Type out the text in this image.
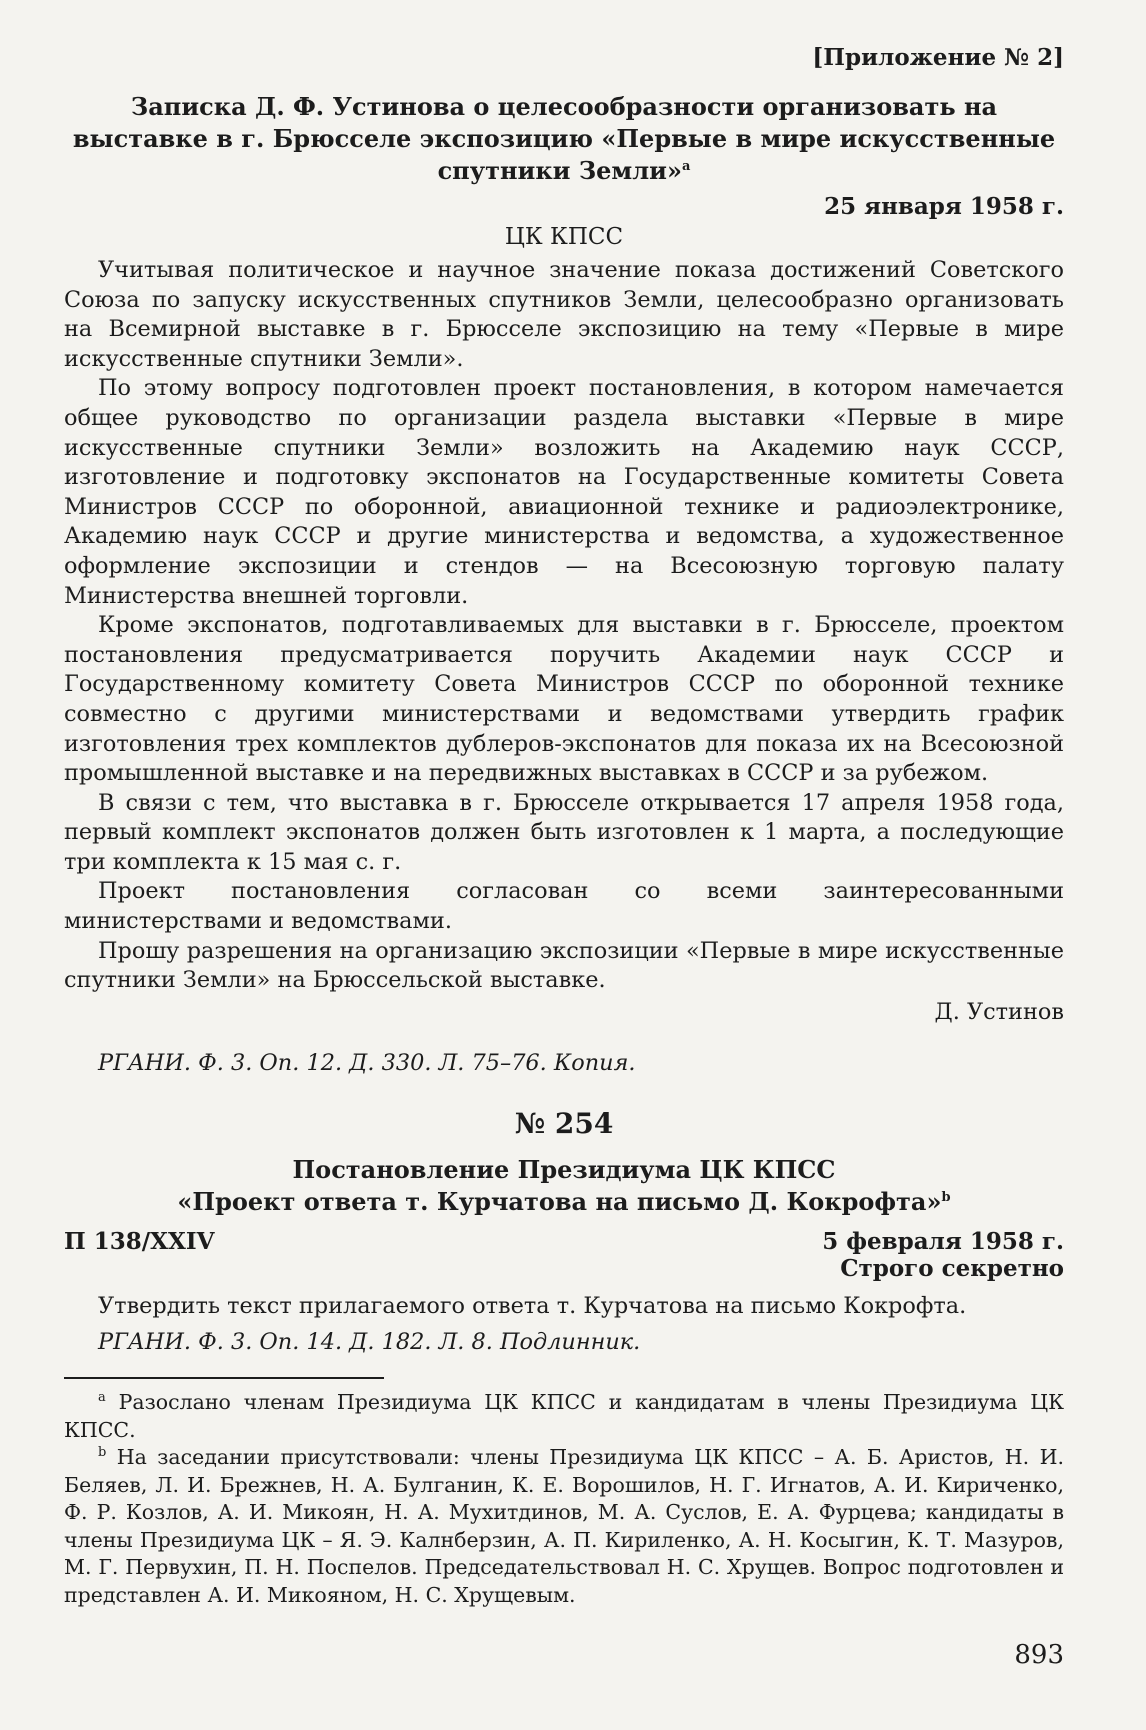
[Приложение № 2]
Записка Д. Ф. Устинова о целесообразности организовать на выставке в г. Брюсселе экспозицию «Первые в мире искусственные спутники Земли»$^a$
25 января 1958 г.
ЦК КПСС

Учитывая политическое и научное значение показа достижений Советского Союза по запуску искусственных спутников Земли, целесообразно организовать на Всемирной выставке в г. Брюсселе экспозицию на тему «Первые в мире искусственные спутники Земли».

По этому вопросу подготовлен проект постановления, в котором намечается общее руководство по организации раздела выставки «Первые в мире искусственные спутники Земли» возложить на Академию наук СССР, изготовление и подготовку экспонатов на Государственные комитеты Совета Министров СССР по оборонной, авиационной технике и радиоэлектронике, Академию наук СССР и другие министерства и ведомства, а художественное оформление экспозиции и стендов — на Всесоюзную торговую палату Министерства внешней торговли.

Кроме экспонатов, подготавливаемых для выставки в г. Брюсселе, проектом постановления предусматривается поручить Академии наук СССР и Государственному комитету Совета Министров СССР по оборонной технике совместно с другими министерствами и ведомствами утвердить график изготовления трех комплектов дублеров-экспонатов для показа их на Всесоюзной промышленной выставке и на передвижных выставках в СССР и за рубежом.

В связи с тем, что выставка в г. Брюсселе открывается 17 апреля 1958 года, первый комплект экспонатов должен быть изготовлен к 1 марта, а последующие три комплекта к 15 мая с. г.

Проект постановления согласован со всеми заинтересованными министерствами и ведомствами.

Прошу разрешения на организацию экспозиции «Первые в мире искусственные спутники Земли» на Брюссельской выставке.

Д. Устинов
РГАНИ. Ф. 3. Оп. 12. Д. 330. Л. 75–76. Копия.
№ 254
Постановление Президиума ЦК КПСС
«Проект ответа т. Курчатова на письмо Д. Кокрофта»$^b$
П 138/XXIV	5 февраля 1958 г.
Строго секретно
Утвердить текст прилагаемого ответа т. Курчатова на письмо Кокрофта.
РГАНИ. Ф. 3. Оп. 14. Д. 182. Л. 8. Подлинник.

$^a$ Разослано членам Президиума ЦК КПСС и кандидатам в члены Президиума ЦК КПСС.

$^b$ На заседании присутствовали: члены Президиума ЦК КПСС – А. Б. Аристов, Н. И. Беляев, Л. И. Брежнев, Н. А. Булганин, К. Е. Ворошилов, Н. Г. Игнатов, А. И. Кириченко, Ф. Р. Козлов, А. И. Микоян, Н. А. Мухитдинов, М. А. Суслов, Е. А. Фурцева; кандидаты в члены Президиума ЦК – Я. Э. Калнберзин, А. П. Кириленко, А. Н. Косыгин, К. Т. Мазуров, М. Г. Первухин, П. Н. Поспелов. Председательствовал Н. С. Хрущев. Вопрос подготовлен и представлен А. И. Микояном, Н. С. Хрущевым.

893
